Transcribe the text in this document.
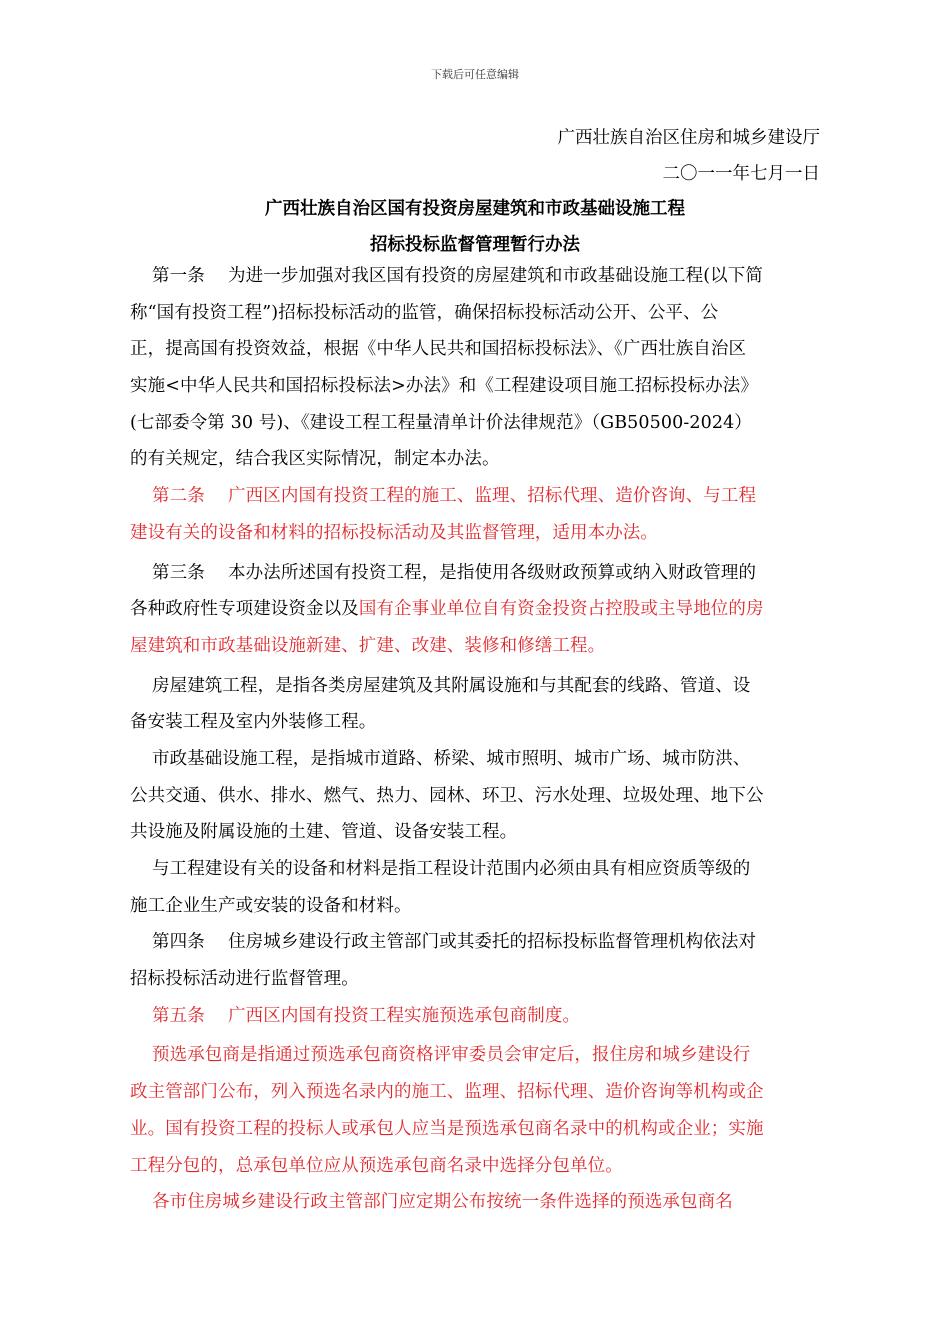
下载后可任意编辑
广西壮族自治区住房和城乡建设厅
二〇一一年七月一日
广西壮族自治区国有投资房屋建筑和市政基础设施工程
招标投标监督管理暂行办法
第一条　 为进一步加强对我区国有投资的房屋建筑和市政基础设施工程(以下简
称“国有投资工程”)招标投标活动的监管，确保招标投标活动公开、公平、公
正，提高国有投资效益，根据《中华人民共和国招标投标法》、《广西壮族自治区
实施<中华人民共和国招标投标法>办法》和《工程建设项目施工招标投标办法》
(七部委令第 30 号)、《建设工程工程量清单计价法律规范》（GB50500-2024）
的有关规定，结合我区实际情况，制定本办法。
第二条　 广西区内国有投资工程的施工、监理、招标代理、造价咨询、与工程
建设有关的设备和材料的招标投标活动及其监督管理，适用本办法。
第三条　 本办法所述国有投资工程，是指使用各级财政预算或纳入财政管理的
各种政府性专项建设资金以及国有企事业单位自有资金投资占控股或主导地位的房
屋建筑和市政基础设施新建、扩建、改建、装修和修缮工程。
房屋建筑工程，是指各类房屋建筑及其附属设施和与其配套的线路、管道、设
备安装工程及室内外装修工程。
市政基础设施工程，是指城市道路、桥梁、城市照明、城市广场、城市防洪、
公共交通、供水、排水、燃气、热力、园林、环卫、污水处理、垃圾处理、地下公
共设施及附属设施的土建、管道、设备安装工程。
与工程建设有关的设备和材料是指工程设计范围内必须由具有相应资质等级的
施工企业生产或安装的设备和材料。
第四条　 住房城乡建设行政主管部门或其委托的招标投标监督管理机构依法对
招标投标活动进行监督管理。
第五条　 广西区内国有投资工程实施预选承包商制度。
预选承包商是指通过预选承包商资格评审委员会审定后，报住房和城乡建设行
政主管部门公布，列入预选名录内的施工、监理、招标代理、造价咨询等机构或企
业。国有投资工程的投标人或承包人应当是预选承包商名录中的机构或企业；实施
工程分包的，总承包单位应从预选承包商名录中选择分包单位。
各市住房城乡建设行政主管部门应定期公布按统一条件选择的预选承包商名
